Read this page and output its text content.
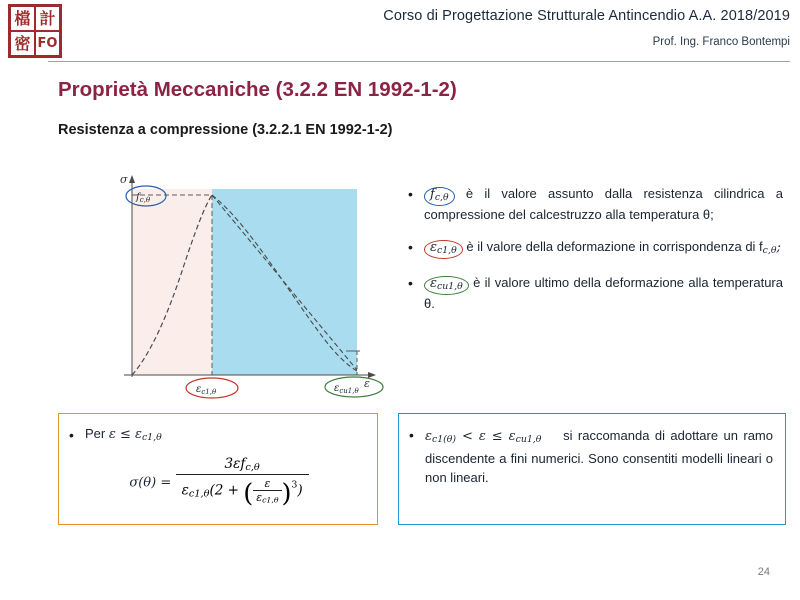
檔 計
密 FO
Corso di Progettazione Strutturale Antincendio A.A. 2018/2019
Prof. Ing. Franco Bontempi
Proprietà Meccaniche (3.2.2 EN 1992-1-2)
Resistenza a compressione (3.2.2.1 EN 1992-1-2)
σ
ε
$f_{c,\theta}$
$\varepsilon_{c1,\theta}$	$\varepsilon_{cu1,\theta}$
•	$f_{c,\theta}$ è il valore assunto dalla resistenza cilindrica a compressione del calcestruzzo alla temperatura θ;
•	$\varepsilon_{c1,\theta}$ è il valore della deformazione in corrispondenza di $f_{c,\theta}$;
•	$\varepsilon_{cu1,\theta}$ è il valore ultimo della deformazione alla temperatura θ.
• Per $\varepsilon \le \varepsilon_{c1,\theta}$
$\sigma(\theta) = \frac{3\varepsilon f_{c,\theta}}{\varepsilon_{c1,\theta}(2 + ( \frac{\varepsilon}{\varepsilon_{c1,\theta}} )^3)}$
• $\varepsilon_{c1(\theta)} < \varepsilon \le \varepsilon_{cu1,\theta}$ si raccomanda di adottare un ramo discendente a fini numerici. Sono consentiti modelli lineari o non lineari.
24
